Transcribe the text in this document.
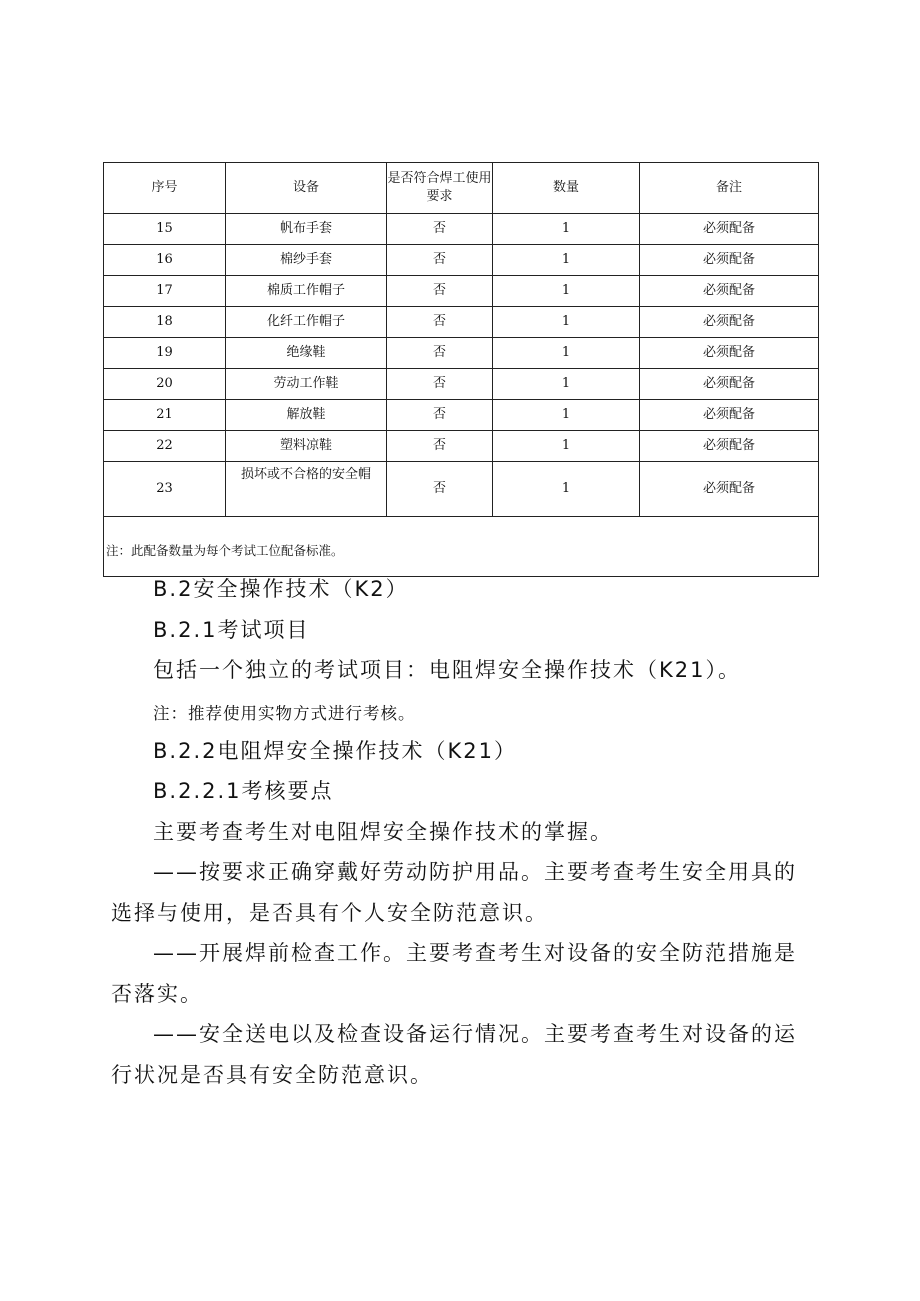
序号	设备	是否符合焊工使用要求	数量	备注
15	帆布手套	否	1	必须配备
16	棉纱手套	否	1	必须配备
17	棉质工作帽子	否	1	必须配备
18	化纤工作帽子	否	1	必须配备
19	绝缘鞋	否	1	必须配备
20	劳动工作鞋	否	1	必须配备
21	解放鞋	否	1	必须配备
22	塑料凉鞋	否	1	必须配备
23	损坏或不合格的安全帽	否	1	必须配备
注：此配备数量为每个考试工位配备标准。				
B.2安全操作技术（K2）
B.2.1考试项目
包括一个独立的考试项目：电阻焊安全操作技术（K21）。
注：推荐使用实物方式进行考核。
B.2.2电阻焊安全操作技术（K21）
B.2.2.1考核要点
主要考查考生对电阻焊安全操作技术的掌握。
——按要求正确穿戴好劳动防护用品。主要考查考生安全用具的
选择与使用，是否具有个人安全防范意识。
——开展焊前检查工作。主要考查考生对设备的安全防范措施是
否落实。
——安全送电以及检查设备运行情况。主要考查考生对设备的运
行状况是否具有安全防范意识。
